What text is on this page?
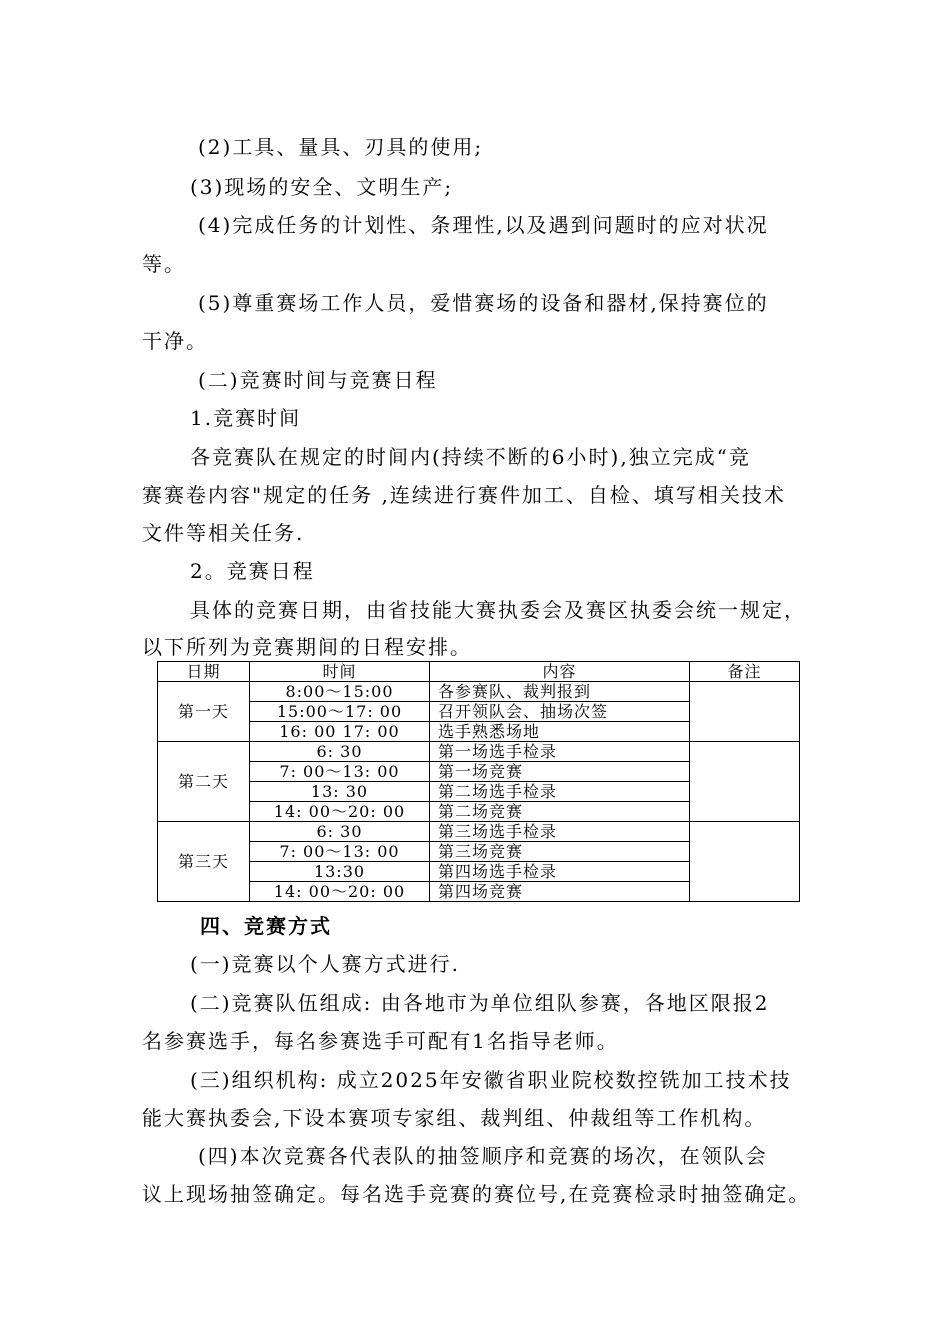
(2)工具、量具、刃具的使用;
(3)现场的安全、文明生产;
(4)完成任务的计划性、条理性,以及遇到问题时的应对状况
等。
(5)尊重赛场工作人员，爱惜赛场的设备和器材,保持赛位的
干净。
(二)竞赛时间与竞赛日程
1.竞赛时间
各竞赛队在规定的时间内(持续不断的6小时),独立完成“竞
赛赛卷内容"规定的任务 ,连续进行赛件加工、自检、填写相关技术
文件等相关任务.
2。竞赛日程
具体的竞赛日期，由省技能大赛执委会及赛区执委会统一规定，
以下所列为竞赛期间的日程安排。
日期	时间	内容	备注
第一天	8:00～15:00	各参赛队、裁判报到	
	15:00～17: 00	召开领队会、抽场次签	
	16: 00 17: 00	选手熟悉场地	
第二天	6: 30	第一场选手检录	
	7: 00～13: 00	第一场竞赛	
	13: 30	第二场选手检录	
	14: 00～20: 00	第二场竞赛	
第三天	6: 30	第三场选手检录	
	7: 00～13: 00	第三场竞赛	
	13:30	第四场选手检录	
	14: 00～20: 00	第四场竞赛	
四、竞赛方式
(一)竞赛以个人赛方式进行.
(二)竞赛队伍组成: 由各地市为单位组队参赛，各地区限报2
名参赛选手，每名参赛选手可配有1名指导老师。
(三)组织机构: 成立2025年安徽省职业院校数控铣加工技术技
能大赛执委会,下设本赛项专家组、裁判组、仲裁组等工作机构。
(四)本次竞赛各代表队的抽签顺序和竞赛的场次，在领队会
议上现场抽签确定。每名选手竞赛的赛位号,在竞赛检录时抽签确定。
